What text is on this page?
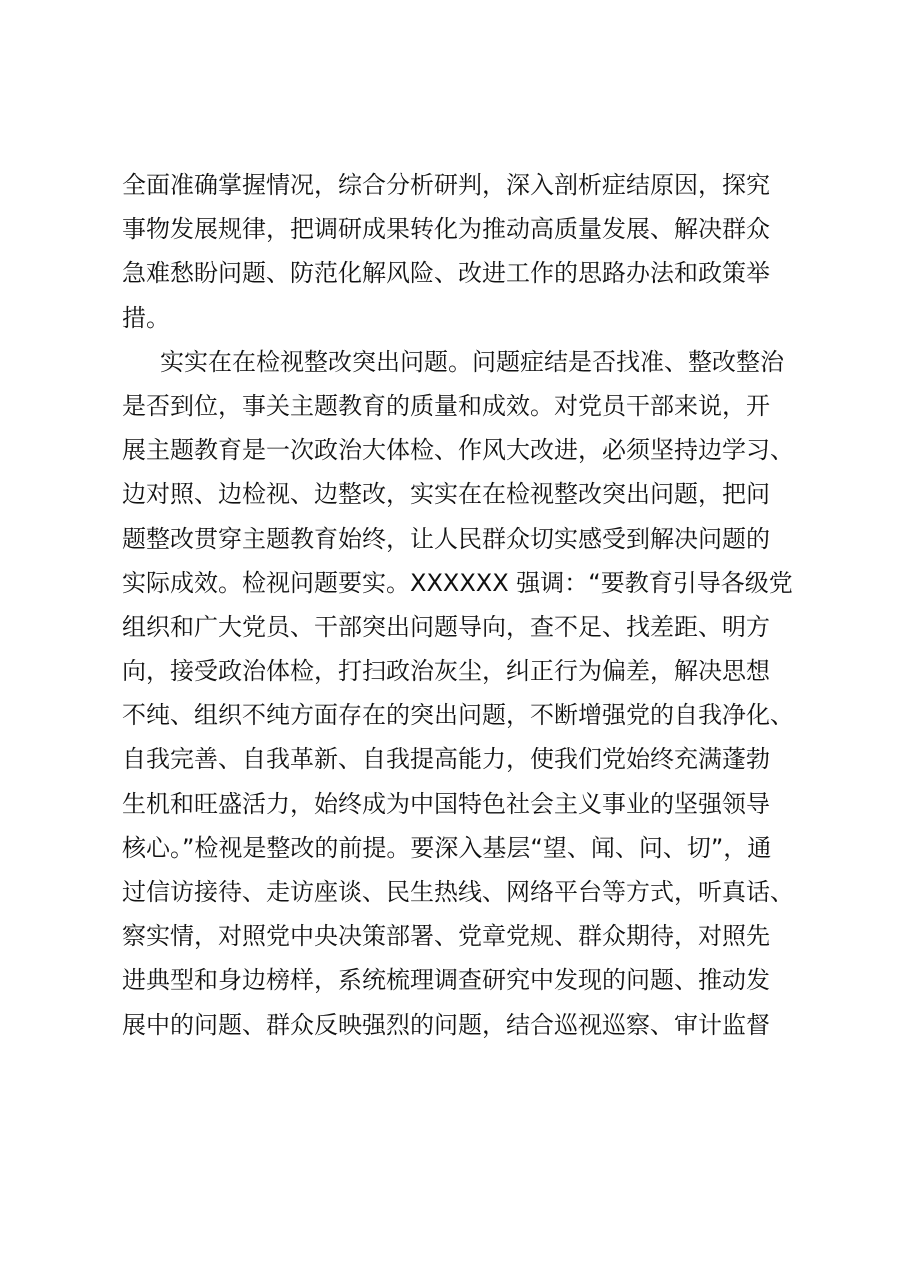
全面准确掌握情况，综合分析研判，深入剖析症结原因，探究
事物发展规律，把调研成果转化为推动高质量发展、解决群众
急难愁盼问题、防范化解风险、改进工作的思路办法和政策举
措。
实实在在检视整改突出问题。问题症结是否找准、整改整治
是否到位，事关主题教育的质量和成效。对党员干部来说，开
展主题教育是一次政治大体检、作风大改进，必须坚持边学习、
边对照、边检视、边整改，实实在在检视整改突出问题，把问
题整改贯穿主题教育始终，让人民群众切实感受到解决问题的
实际成效。检视问题要实。XXXXXX 强调：“要教育引导各级党
组织和广大党员、干部突出问题导向，查不足、找差距、明方
向，接受政治体检，打扫政治灰尘，纠正行为偏差，解决思想
不纯、组织不纯方面存在的突出问题，不断增强党的自我净化、
自我完善、自我革新、自我提高能力，使我们党始终充满蓬勃
生机和旺盛活力，始终成为中国特色社会主义事业的坚强领导
核心。”检视是整改的前提。要深入基层“望、闻、问、切”，通
过信访接待、走访座谈、民生热线、网络平台等方式，听真话、
察实情，对照党中央决策部署、党章党规、群众期待，对照先
进典型和身边榜样，系统梳理调查研究中发现的问题、推动发
展中的问题、群众反映强烈的问题，结合巡视巡察、审计监督
